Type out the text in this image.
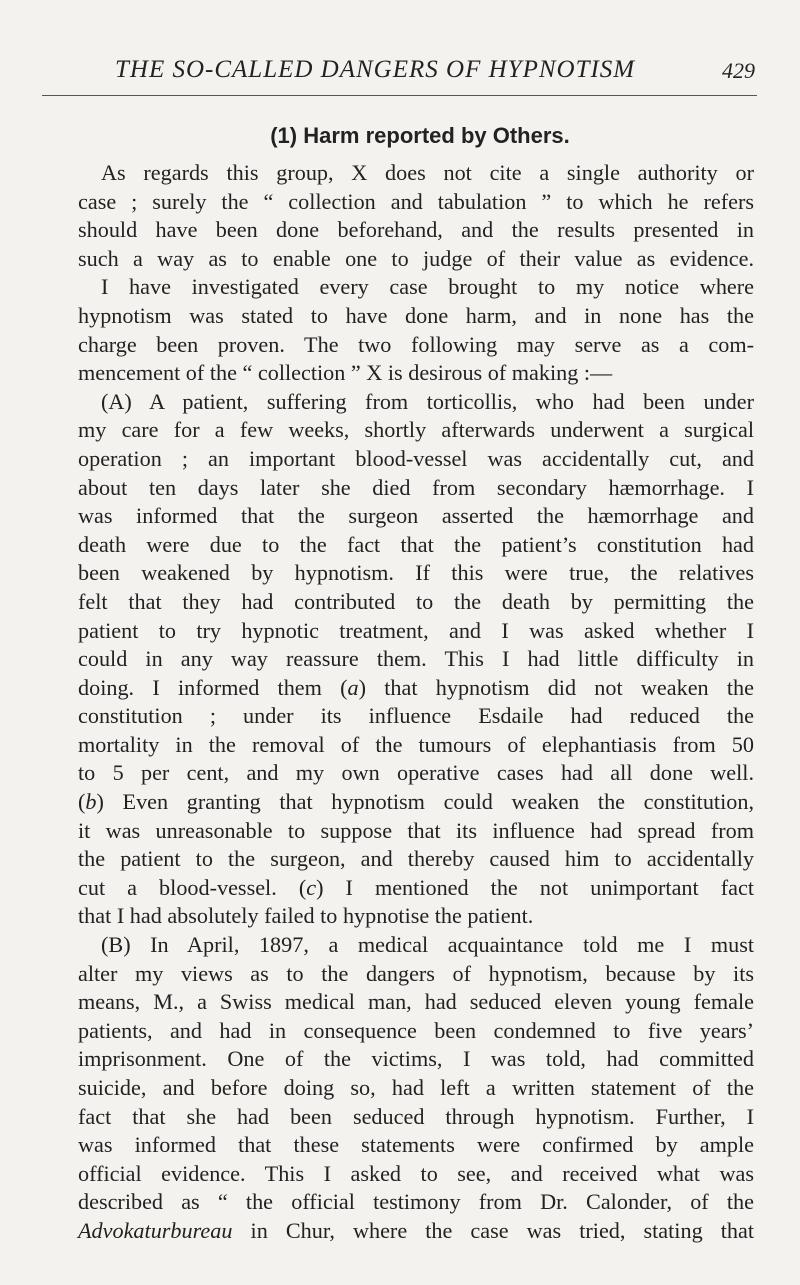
THE SO-CALLED DANGERS OF HYPNOTISM	429
(1) Harm reported by Others.
As regards this group, X does not cite a single authority or
case ; surely the “ collection and tabulation ” to which he refers
should have been done beforehand, and the results presented in
such a way as to enable one to judge of their value as evidence.
I have investigated every case brought to my notice where
hypnotism was stated to have done harm, and in none has the
charge been proven. The two following may serve as a com-
mencement of the “ collection ” X is desirous of making :—
(A) A patient, suffering from torticollis, who had been under
my care for a few weeks, shortly afterwards underwent a surgical
operation ; an important blood-vessel was accidentally cut, and
about ten days later she died from secondary hæmorrhage. I
was informed that the surgeon asserted the hæmorrhage and
death were due to the fact that the patient’s constitution had
been weakened by hypnotism. If this were true, the relatives
felt that they had contributed to the death by permitting the
patient to try hypnotic treatment, and I was asked whether I
could in any way reassure them. This I had little difficulty in
doing. I informed them (a) that hypnotism did not weaken the
constitution ; under its influence Esdaile had reduced the
mortality in the removal of the tumours of elephantiasis from 50
to 5 per cent, and my own operative cases had all done well.
(b) Even granting that hypnotism could weaken the constitution,
it was unreasonable to suppose that its influence had spread from
the patient to the surgeon, and thereby caused him to accidentally
cut a blood-vessel. (c) I mentioned the not unimportant fact
that I had absolutely failed to hypnotise the patient.
(B) In April, 1897, a medical acquaintance told me I must
alter my views as to the dangers of hypnotism, because by its
means, M., a Swiss medical man, had seduced eleven young female
patients, and had in consequence been condemned to five years’
imprisonment. One of the victims, I was told, had committed
suicide, and before doing so, had left a written statement of the
fact that she had been seduced through hypnotism. Further, I
was informed that these statements were confirmed by ample
official evidence. This I asked to see, and received what was
described as “ the official testimony from Dr. Calonder, of the
Advokaturbureau in Chur, where the case was tried, stating that
